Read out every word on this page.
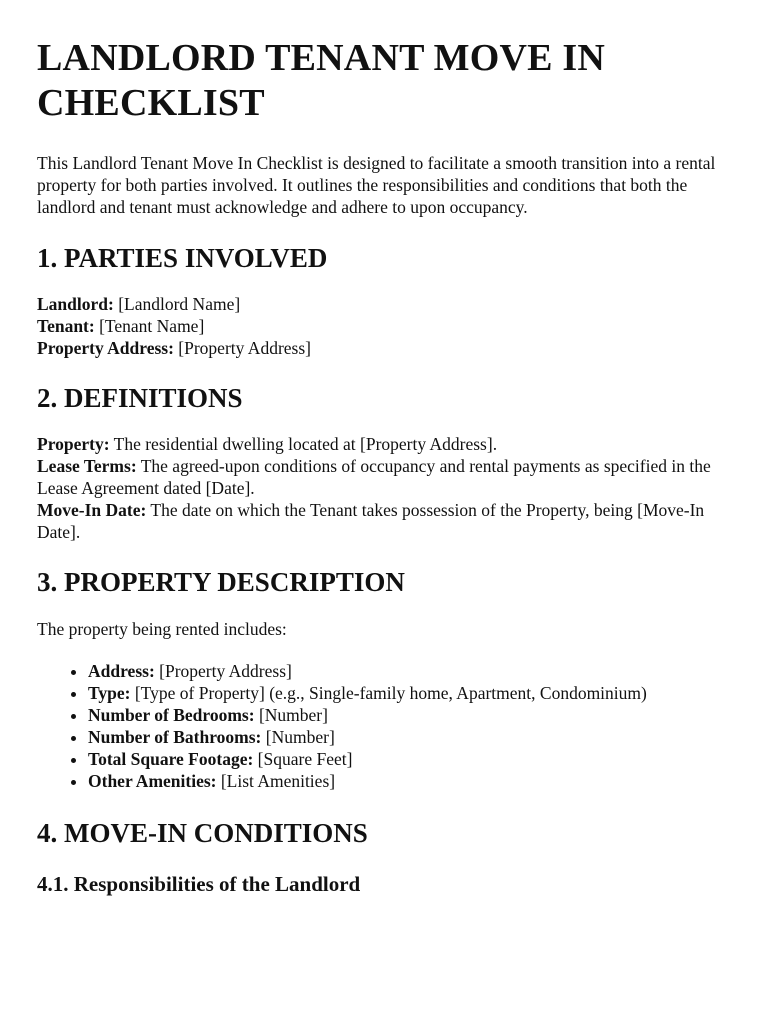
LANDLORD TENANT MOVE IN CHECKLIST

This Landlord Tenant Move In Checklist is designed to facilitate a smooth transition into a rental property for both parties involved. It outlines the responsibilities and conditions that both the landlord and tenant must acknowledge and adhere to upon occupancy.

1. PARTIES INVOLVED

Landlord: [Landlord Name]
Tenant: [Tenant Name]
Property Address: [Property Address]

2. DEFINITIONS

Property: The residential dwelling located at [Property Address].
Lease Terms: The agreed-upon conditions of occupancy and rental payments as specified in the Lease Agreement dated [Date].
Move-In Date: The date on which the Tenant takes possession of the Property, being [Move-In Date].

3. PROPERTY DESCRIPTION

The property being rented includes:

• Address: [Property Address]
• Type: [Type of Property] (e.g., Single-family home, Apartment, Condominium)
• Number of Bedrooms: [Number]
• Number of Bathrooms: [Number]
• Total Square Footage: [Square Feet]
• Other Amenities: [List Amenities]
4. MOVE-IN CONDITIONS
4.1. Responsibilities of the Landlord
